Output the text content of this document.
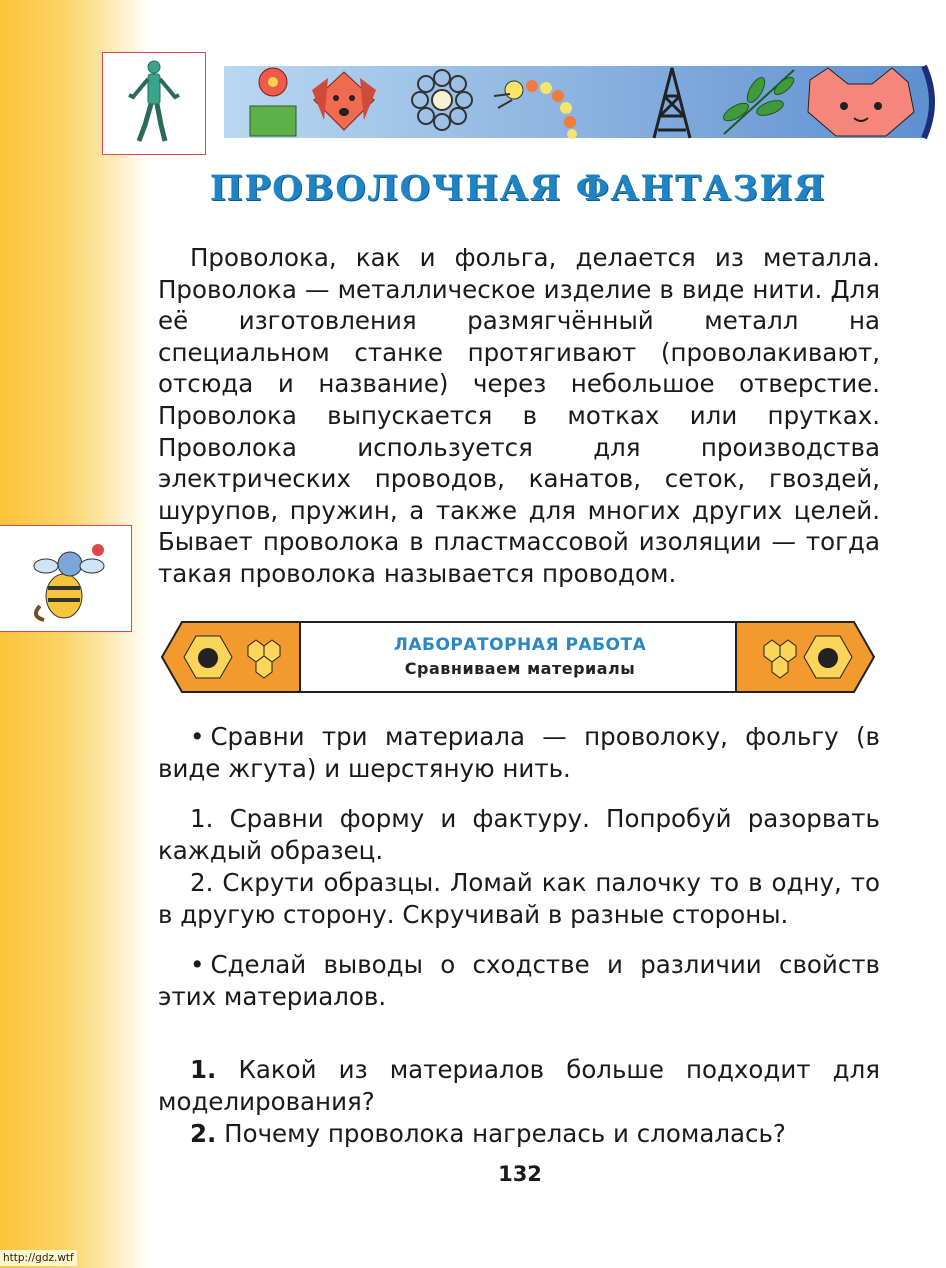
ПРОВОЛОЧНАЯ ФАНТАЗИЯ

Проволока, как и фольга, делается из металла. Проволока — металлическое изделие в виде нити. Для её изготовления размягчённый металл на специальном станке протягивают (проволакивают, отсюда и название) через небольшое отверстие. Проволока выпускается в мотках или прутках. Проволока используется для производства электрических проводов, канатов, сеток, гвоздей, шурупов, пружин, а также для многих других целей. Бывает проволока в пластмассовой изоляции — тогда такая проволока называется проводом.

ЛАБОРАТОРНАЯ РАБОТА
Сравниваем материалы

• Сравни три материала — проволоку, фольгу (в виде жгута) и шерстяную нить.

1. Сравни форму и фактуру. Попробуй разорвать каждый образец.

2. Скрути образцы. Ломай как палочку то в одну, то в другую сторону. Скручивай в разные стороны.

• Сделай выводы о сходстве и различии свойств этих материалов.

1. Какой из материалов больше подходит для моделирования?

2. Почему проволока нагрелась и сломалась?

132
http://gdz.wtf
